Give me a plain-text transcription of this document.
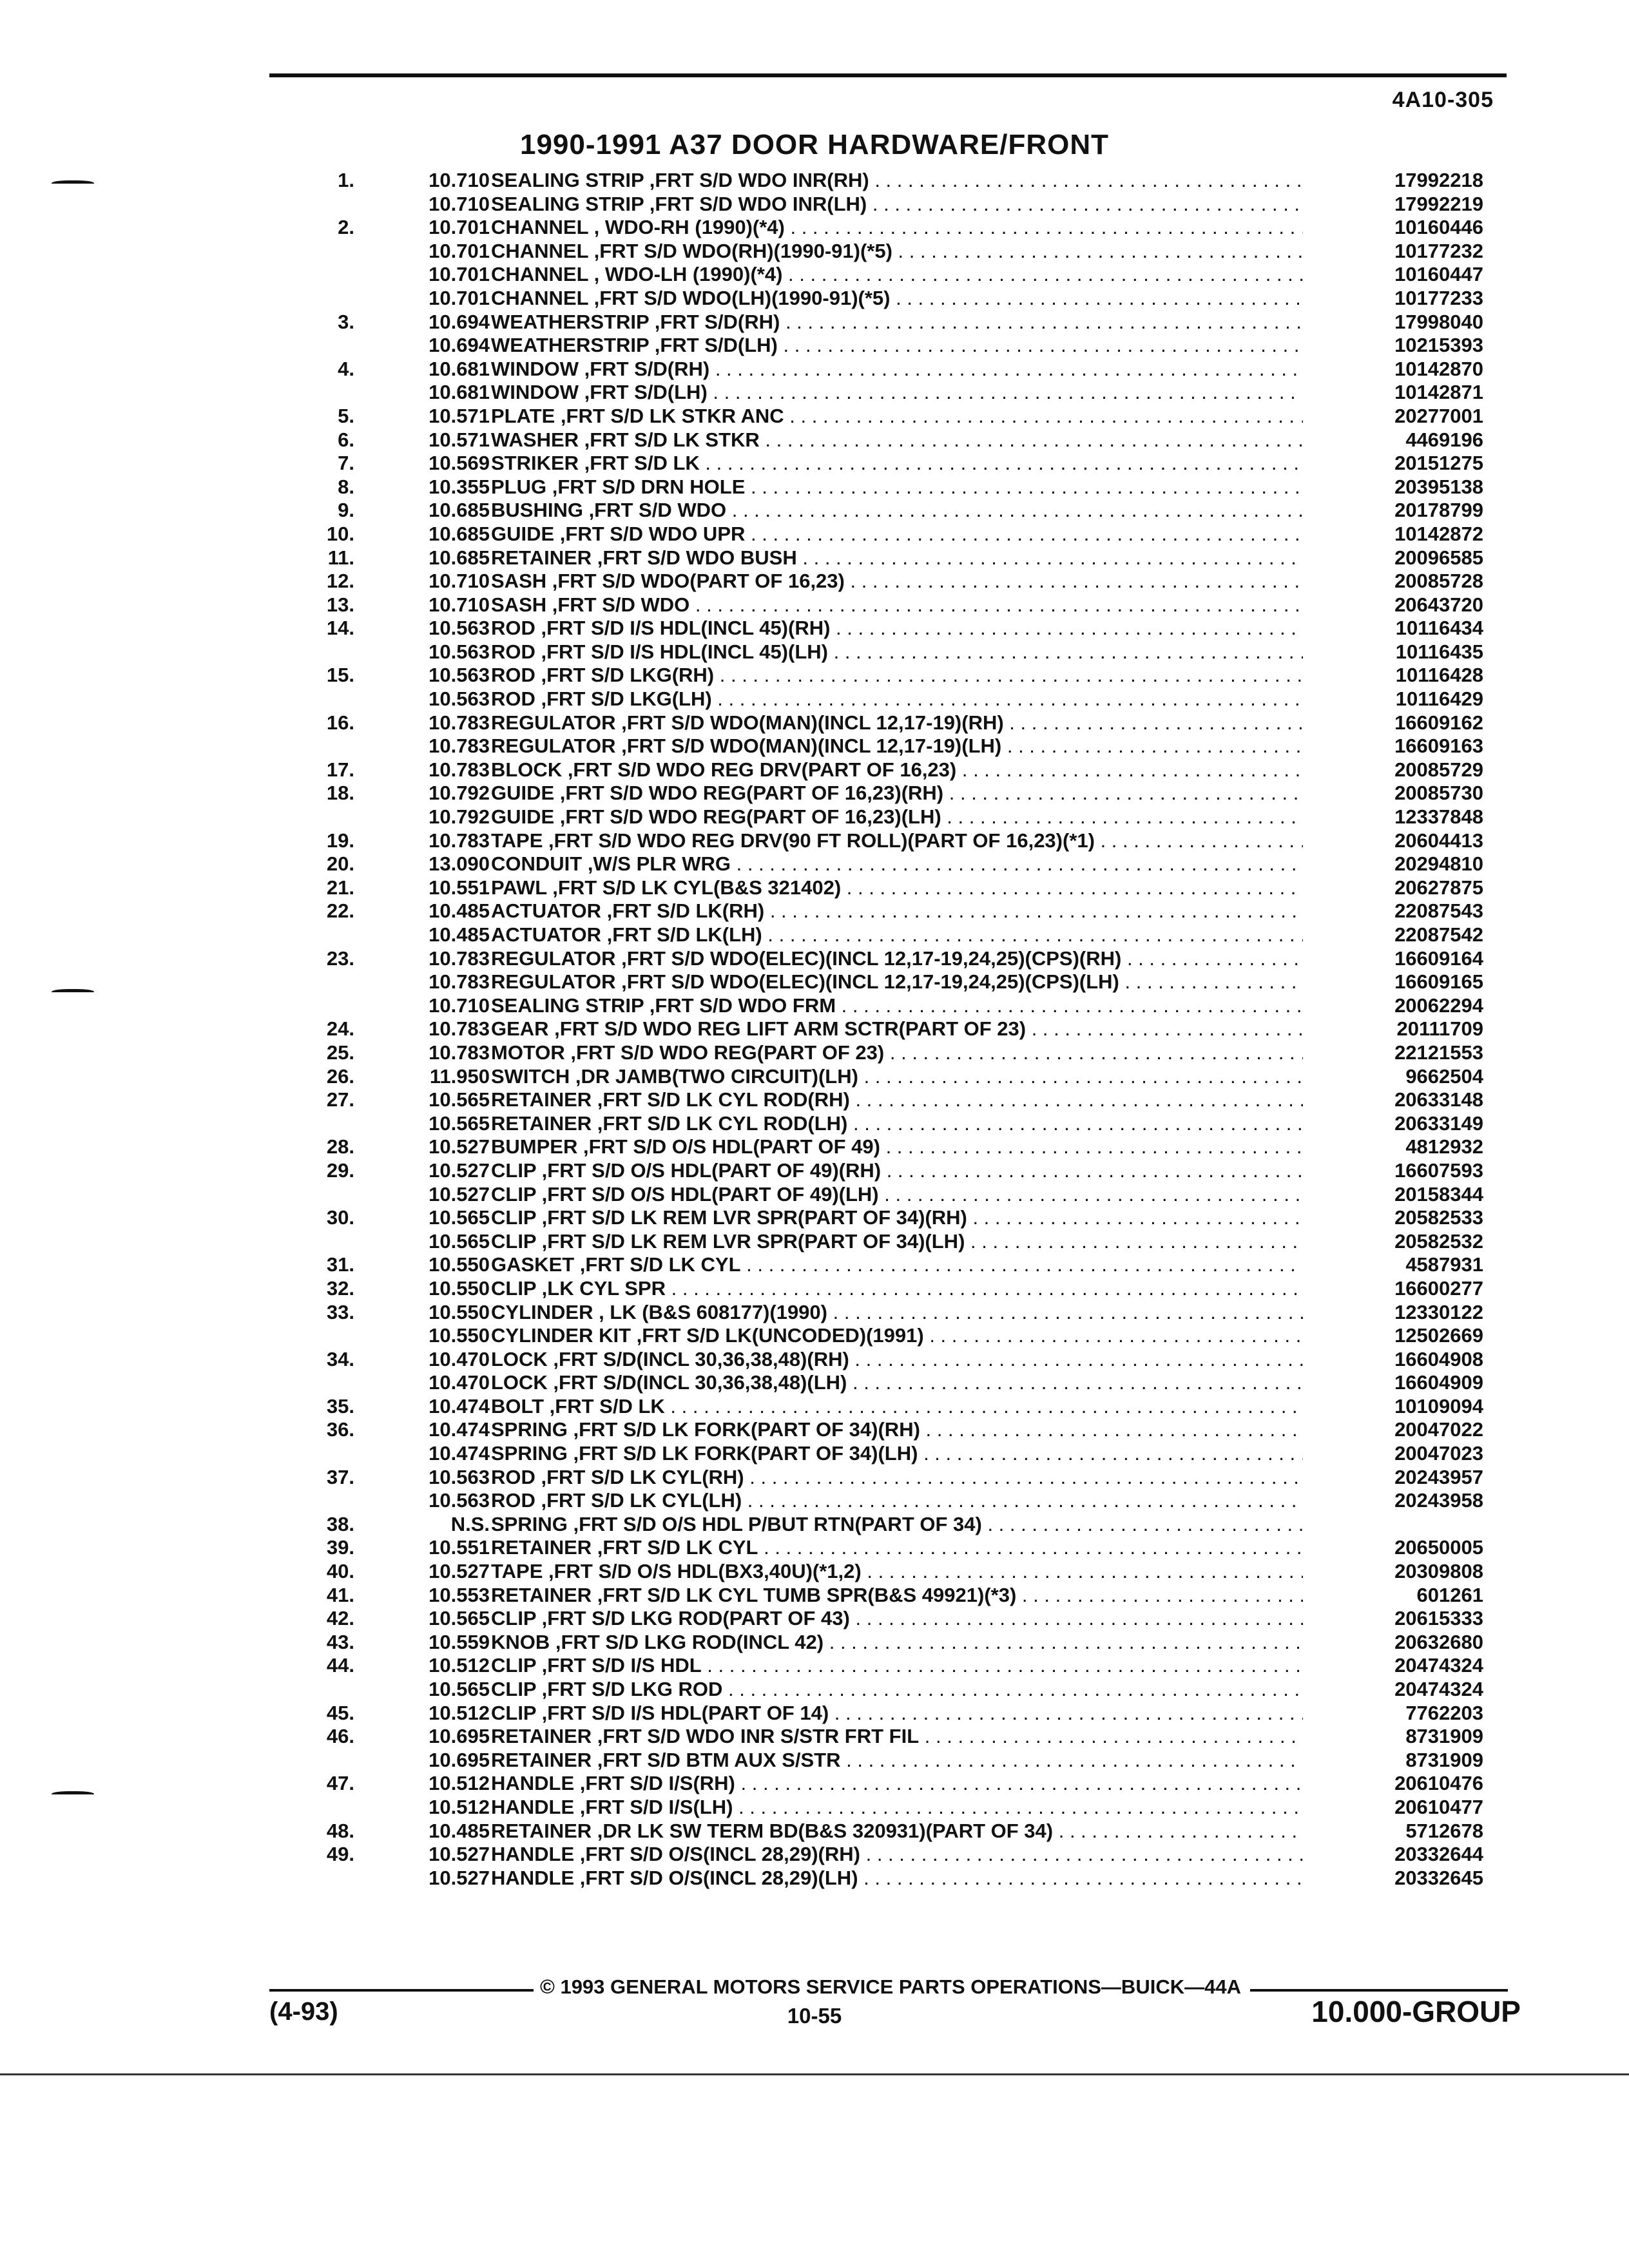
4A10-305
1990-1991 A37 DOOR HARDWARE/FRONT
1.	10.710 SEALING STRIP ,FRT S/D WDO INR(RH) . . .	17992218
10.710 SEALING STRIP ,FRT S/D WDO INR(LH) . . .	17992219
2.	10.701 CHANNEL , WDO-RH (1990)(*4) . . .	10160446
10.701 CHANNEL ,FRT S/D WDO(RH)(1990-91)(*5) . . .	10177232
10.701 CHANNEL , WDO-LH (1990)(*4) . . .	10160447
10.701 CHANNEL ,FRT S/D WDO(LH)(1990-91)(*5) . . .	10177233
3.	10.694 WEATHERSTRIP ,FRT S/D(RH) . . .	17998040
10.694 WEATHERSTRIP ,FRT S/D(LH) . . .	10215393
4.	10.681 WINDOW ,FRT S/D(RH) . . .	10142870
10.681 WINDOW ,FRT S/D(LH) . . .	10142871
5.	10.571 PLATE ,FRT S/D LK STKR ANC . . .	20277001
6.	10.571 WASHER ,FRT S/D LK STKR . . .	4469196
7.	10.569 STRIKER ,FRT S/D LK . . .	20151275
8.	10.355 PLUG ,FRT S/D DRN HOLE . . .	20395138
9.	10.685 BUSHING ,FRT S/D WDO . . .	20178799
10.	10.685 GUIDE ,FRT S/D WDO UPR . . .	10142872
11.	10.685 RETAINER ,FRT S/D WDO BUSH . . .	20096585
12.	10.710 SASH ,FRT S/D WDO(PART OF 16,23) . . .	20085728
13.	10.710 SASH ,FRT S/D WDO . . .	20643720
14.	10.563 ROD ,FRT S/D I/S HDL(INCL 45)(RH) . . .	10116434
10.563 ROD ,FRT S/D I/S HDL(INCL 45)(LH) . . .	10116435
15.	10.563 ROD ,FRT S/D LKG(RH) . . .	10116428
10.563 ROD ,FRT S/D LKG(LH) . . .	10116429
16.	10.783 REGULATOR ,FRT S/D WDO(MAN)(INCL 12,17-19)(RH) . . .	16609162
10.783 REGULATOR ,FRT S/D WDO(MAN)(INCL 12,17-19)(LH) . . .	16609163
17.	10.783 BLOCK ,FRT S/D WDO REG DRV(PART OF 16,23) . . .	20085729
18.	10.792 GUIDE ,FRT S/D WDO REG(PART OF 16,23)(RH) . . .	20085730
10.792 GUIDE ,FRT S/D WDO REG(PART OF 16,23)(LH) . . .	12337848
19.	10.783 TAPE ,FRT S/D WDO REG DRV(90 FT ROLL)(PART OF 16,23)(*1) . . .	20604413
20.	13.090 CONDUIT ,W/S PLR WRG . . .	20294810
21.	10.551 PAWL ,FRT S/D LK CYL(B&S 321402) . . .	20627875
22.	10.485 ACTUATOR ,FRT S/D LK(RH) . . .	22087543
10.485 ACTUATOR ,FRT S/D LK(LH) . . .	22087542
23.	10.783 REGULATOR ,FRT S/D WDO(ELEC)(INCL 12,17-19,24,25)(CPS)(RH) . . .	16609164
10.783 REGULATOR ,FRT S/D WDO(ELEC)(INCL 12,17-19,24,25)(CPS)(LH) . . .	16609165
10.710 SEALING STRIP ,FRT S/D WDO FRM . . .	20062294
24.	10.783 GEAR ,FRT S/D WDO REG LIFT ARM SCTR(PART OF 23) . . .	20111709
25.	10.783 MOTOR ,FRT S/D WDO REG(PART OF 23) . . .	22121553
26.	11.950 SWITCH ,DR JAMB(TWO CIRCUIT)(LH) . . .	9662504
27.	10.565 RETAINER ,FRT S/D LK CYL ROD(RH) . . .	20633148
10.565 RETAINER ,FRT S/D LK CYL ROD(LH) . . .	20633149
28.	10.527 BUMPER ,FRT S/D O/S HDL(PART OF 49) . . .	4812932
29.	10.527 CLIP ,FRT S/D O/S HDL(PART OF 49)(RH) . . .	16607593
10.527 CLIP ,FRT S/D O/S HDL(PART OF 49)(LH) . . .	20158344
30.	10.565 CLIP ,FRT S/D LK REM LVR SPR(PART OF 34)(RH) . . .	20582533
10.565 CLIP ,FRT S/D LK REM LVR SPR(PART OF 34)(LH) . . .	20582532
31.	10.550 GASKET ,FRT S/D LK CYL . . .	4587931
32.	10.550 CLIP ,LK CYL SPR . . .	16600277
33.	10.550 CYLINDER , LK (B&S 608177)(1990) . . .	12330122
10.550 CYLINDER KIT ,FRT S/D LK(UNCODED)(1991) . . .	12502669
34.	10.470 LOCK ,FRT S/D(INCL 30,36,38,48)(RH) . . .	16604908
10.470 LOCK ,FRT S/D(INCL 30,36,38,48)(LH) . . .	16604909
35.	10.474 BOLT ,FRT S/D LK . . .	10109094
36.	10.474 SPRING ,FRT S/D LK FORK(PART OF 34)(RH) . . .	20047022
10.474 SPRING ,FRT S/D LK FORK(PART OF 34)(LH) . . .	20047023
37.	10.563 ROD ,FRT S/D LK CYL(RH) . . .	20243957
10.563 ROD ,FRT S/D LK CYL(LH) . . .	20243958
38.	N.S. SPRING ,FRT S/D O/S HDL P/BUT RTN(PART OF 34) . . .
39.	10.551 RETAINER ,FRT S/D LK CYL . . .	20650005
40.	10.527 TAPE ,FRT S/D O/S HDL(BX3,40U)(*1,2) . . .	20309808
41.	10.553 RETAINER ,FRT S/D LK CYL TUMB SPR(B&S 49921)(*3) . . .	601261
42.	10.565 CLIP ,FRT S/D LKG ROD(PART OF 43) . . .	20615333
43.	10.559 KNOB ,FRT S/D LKG ROD(INCL 42) . . .	20632680
44.	10.512 CLIP ,FRT S/D I/S HDL . . .	20474324
10.565 CLIP ,FRT S/D LKG ROD . . .	20474324
45.	10.512 CLIP ,FRT S/D I/S HDL(PART OF 14) . . .	7762203
46.	10.695 RETAINER ,FRT S/D WDO INR S/STR FRT FIL . . .	8731909
10.695 RETAINER ,FRT S/D BTM AUX S/STR . . .	8731909
47.	10.512 HANDLE ,FRT S/D I/S(RH) . . .	20610476
10.512 HANDLE ,FRT S/D I/S(LH) . . .	20610477
48.	10.485 RETAINER ,DR LK SW TERM BD(B&S 320931)(PART OF 34) . . .	5712678
49.	10.527 HANDLE ,FRT S/D O/S(INCL 28,29)(RH) . . .	20332644
10.527 HANDLE ,FRT S/D O/S(INCL 28,29)(LH) . . .	20332645
© 1993 GENERAL MOTORS SERVICE PARTS OPERATIONS—BUICK—44A
(4-93)	10-55	10.000-GROUP
